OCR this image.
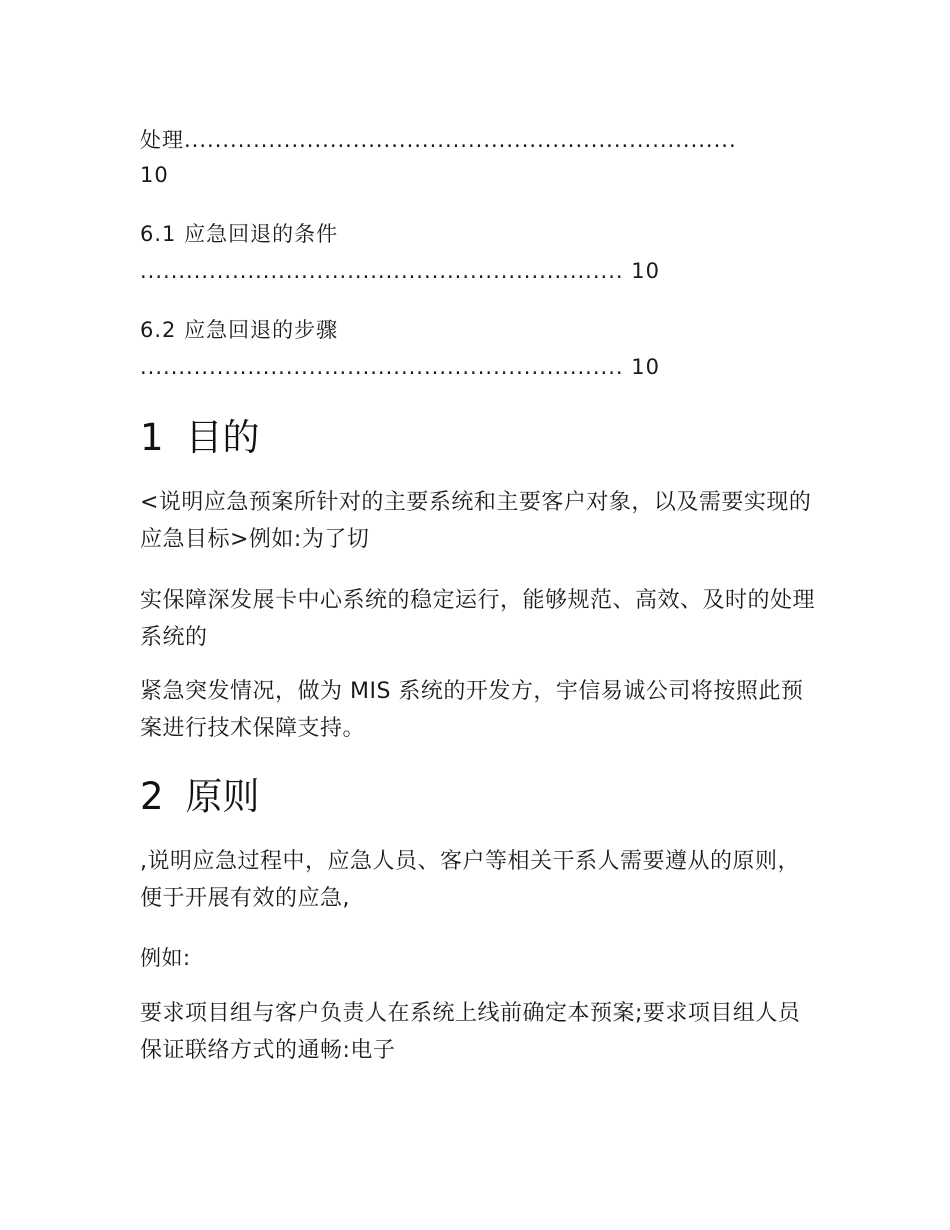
处理........................................................................
10
6.1 应急回退的条件
............................................................... 10
6.2 应急回退的步骤
............................................................... 10
1 目的
<说明应急预案所针对的主要系统和主要客户对象，以及需要实现的应急目标>例如:为了切
实保障深发展卡中心系统的稳定运行，能够规范、高效、及时的处理系统的
紧急突发情况，做为 MIS 系统的开发方，宇信易诚公司将按照此预案进行技术保障支持。
2 原则
,说明应急过程中，应急人员、客户等相关干系人需要遵从的原则，便于开展有效的应急,
例如:
要求项目组与客户负责人在系统上线前确定本预案;要求项目组人员保证联络方式的通畅:电子
